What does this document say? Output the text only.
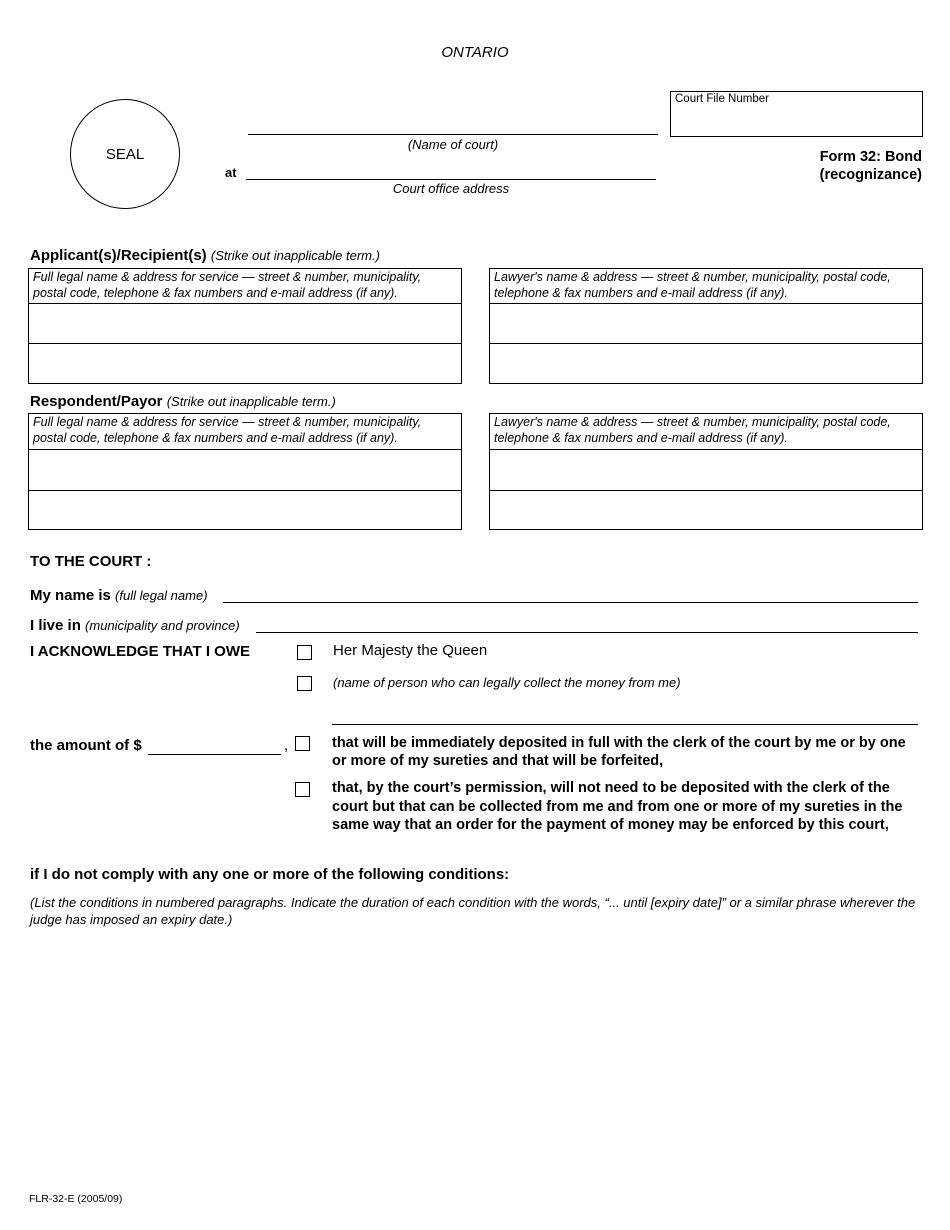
ONTARIO
SEAL
(Name of court)
at
Court office address
Court File Number
Form 32: Bond
(recognizance)
Applicant(s)/Recipient(s) (Strike out inapplicable term.)
Full legal name & address for service — street & number, municipality, postal code, telephone & fax numbers and e-mail address (if any).
Lawyer's name & address — street & number, municipality, postal code, telephone & fax numbers and e-mail address (if any).
Respondent/Payor (Strike out inapplicable term.)
Full legal name & address for service — street & number, municipality, postal code, telephone & fax numbers and e-mail address (if any).
Lawyer's name & address — street & number, municipality, postal code, telephone & fax numbers and e-mail address (if any).
TO THE COURT :
My name is (full legal name)
I live in (municipality and province)
I ACKNOWLEDGE THAT I OWE	Her Majesty the Queen
(name of person who can legally collect the money from me)
the amount of $	,	that will be immediately deposited in full with the clerk of the court by me or by one or more of my sureties and that will be forfeited,
that, by the court’s permission, will not need to be deposited with the clerk of the court but that can be collected from me and from one or more of my sureties in the same way that an order for the payment of money may be enforced by this court,
if I do not comply with any one or more of the following conditions:
(List the conditions in numbered paragraphs. Indicate the duration of each condition with the words, “... until [expiry date]” or a similar phrase wherever the judge has imposed an expiry date.)
FLR-32-E (2005/09)
